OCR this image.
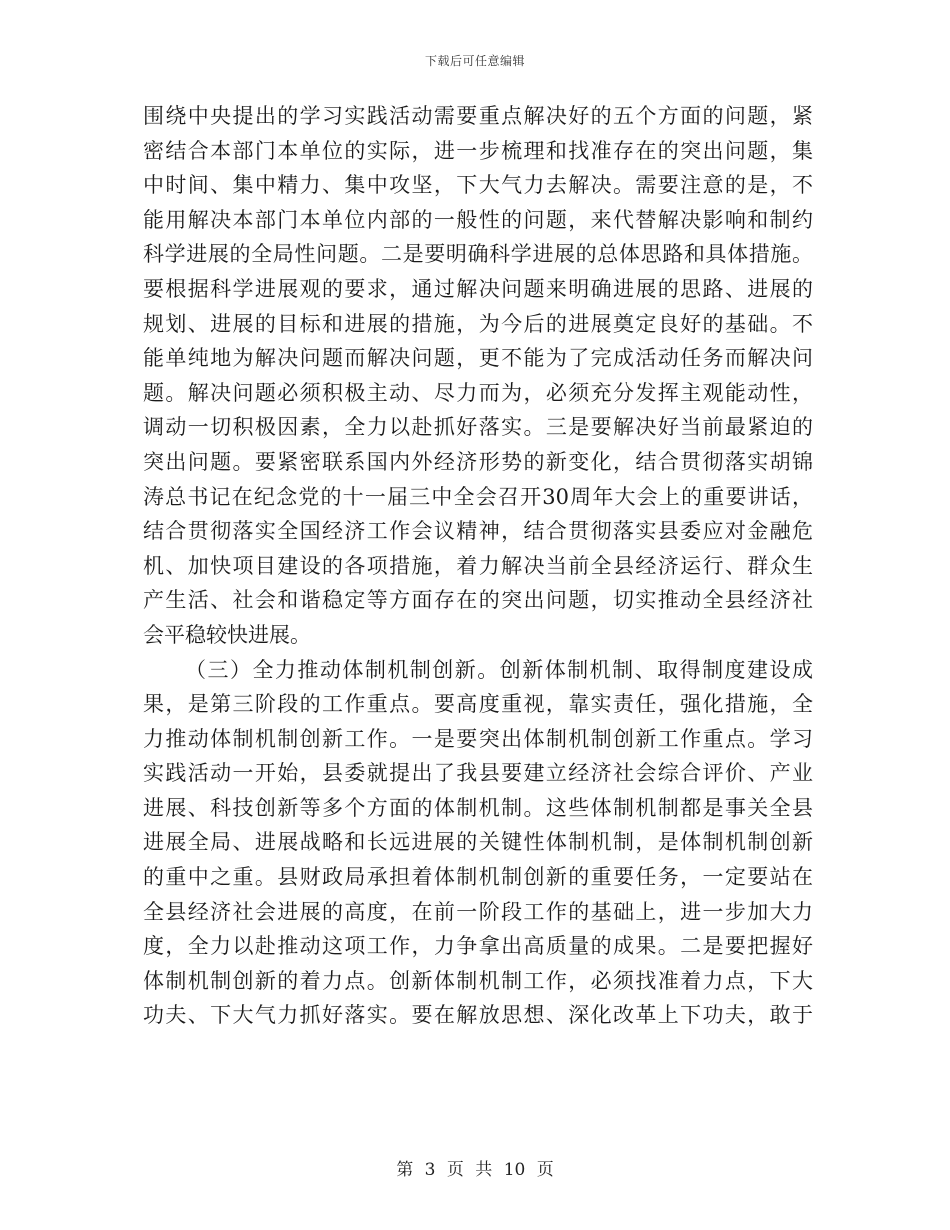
下载后可任意编辑
围绕中央提出的学习实践活动需要重点解决好的五个方面的问题，紧
密结合本部门本单位的实际，进一步梳理和找准存在的突出问题，集
中时间、集中精力、集中攻坚，下大气力去解决。需要注意的是，不
能用解决本部门本单位内部的一般性的问题，来代替解决影响和制约
科学进展的全局性问题。二是要明确科学进展的总体思路和具体措施。
要根据科学进展观的要求，通过解决问题来明确进展的思路、进展的
规划、进展的目标和进展的措施，为今后的进展奠定良好的基础。不
能单纯地为解决问题而解决问题，更不能为了完成活动任务而解决问
题。解决问题必须积极主动、尽力而为，必须充分发挥主观能动性，
调动一切积极因素，全力以赴抓好落实。三是要解决好当前最紧迫的
突出问题。要紧密联系国内外经济形势的新变化，结合贯彻落实胡锦
涛总书记在纪念党的十一届三中全会召开30周年大会上的重要讲话，
结合贯彻落实全国经济工作会议精神，结合贯彻落实县委应对金融危
机、加快项目建设的各项措施，着力解决当前全县经济运行、群众生
产生活、社会和谐稳定等方面存在的突出问题，切实推动全县经济社
会平稳较快进展。
（三）全力推动体制机制创新。创新体制机制、取得制度建设成
果，是第三阶段的工作重点。要高度重视，靠实责任，强化措施，全
力推动体制机制创新工作。一是要突出体制机制创新工作重点。学习
实践活动一开始，县委就提出了我县要建立经济社会综合评价、产业
进展、科技创新等多个方面的体制机制。这些体制机制都是事关全县
进展全局、进展战略和长远进展的关键性体制机制，是体制机制创新
的重中之重。县财政局承担着体制机制创新的重要任务，一定要站在
全县经济社会进展的高度，在前一阶段工作的基础上，进一步加大力
度，全力以赴推动这项工作，力争拿出高质量的成果。二是要把握好
体制机制创新的着力点。创新体制机制工作，必须找准着力点，下大
功夫、下大气力抓好落实。要在解放思想、深化改革上下功夫，敢于
第 3 页 共 10 页
